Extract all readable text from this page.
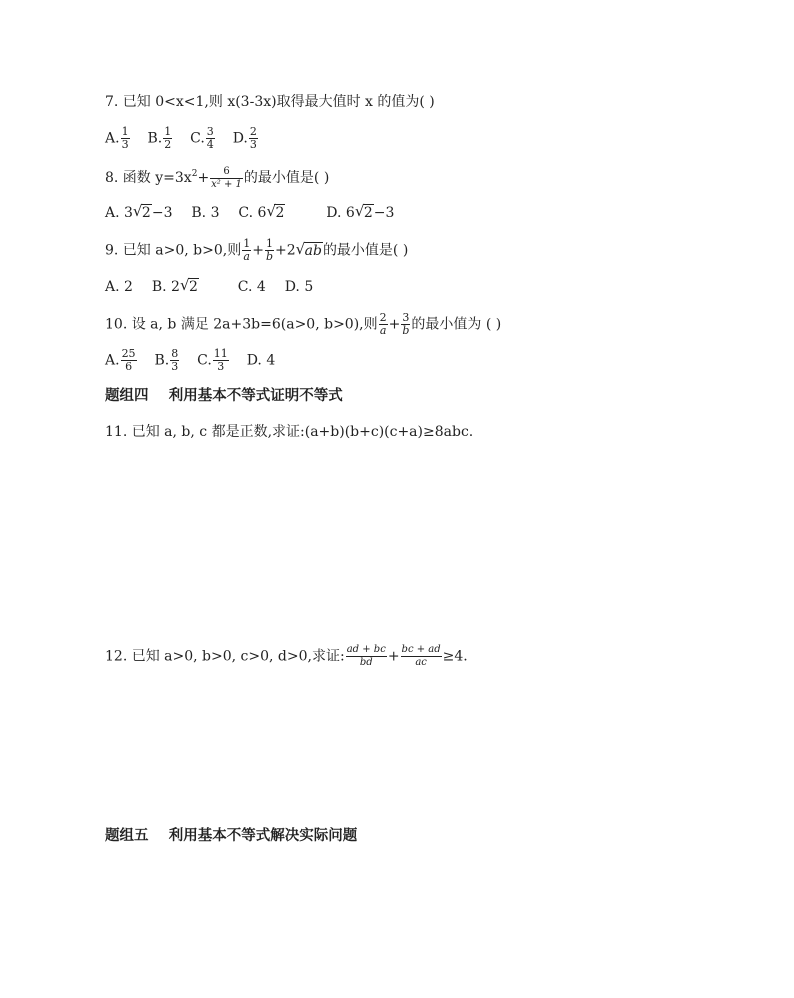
7. 已知 0<x<1,则 x(3-3x)取得最大值时 x 的值为( )
A. $\frac{1}{3} B$. $\frac{1}{2} C$. $\frac{3}{4} D$. $\frac{2}{3}$
8. 函数 $y=3x^2+ \frac{6}{\text{x² + 1}}$ 的最小值是( )
A. 3√ 2−3 B. 3 C. 6√ 2	D. 6√ 2−3
9. 已知 a>0, b>0,则 $\frac{1}{a} + \frac{1}{b} +2√$ ab的最小值是( )
A. 2 B. 2√ 2	C. 4 D. 5
10. 设 a, b 满足 2a+3b=6(a>0, b>0),则 $\frac{2}{a} + \frac{3}{b}$ 的最小值为 ( )
A. $\frac{25}{6} B$. $\frac{8}{3} C$. $\frac{11}{3} D$. 4
题组四    利用基本不等式证明不等式
11. 已知 a, b, c 都是正数,求证:(a+b)(b+c)(c+a)≥8abc.
12. 已知 a>0, b>0, c>0, d>0,求证: $\frac{ad + bc}{bd} + \frac{bc + ad}{ac} \ge 4$.
题组五    利用基本不等式解决实际问题
